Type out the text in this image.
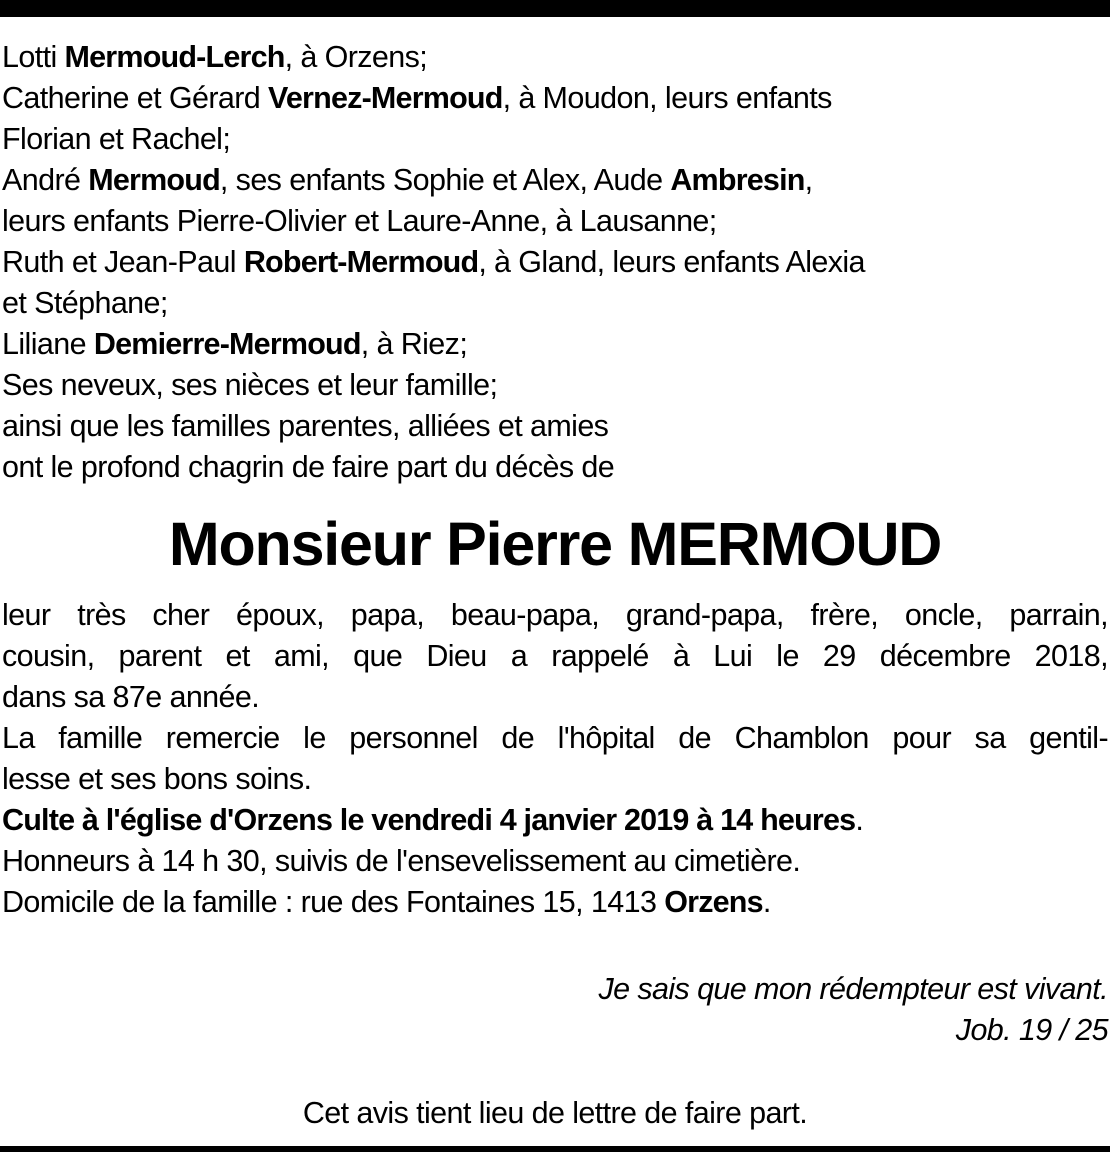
Lotti Mermoud-Lerch, à Orzens;
Catherine et Gérard Vernez-Mermoud, à Moudon, leurs enfants
Florian et Rachel;
André Mermoud, ses enfants Sophie et Alex, Aude Ambresin,
leurs enfants Pierre-Olivier et Laure-Anne, à Lausanne;
Ruth et Jean-Paul Robert-Mermoud, à Gland, leurs enfants Alexia
et Stéphane;
Liliane Demierre-Mermoud, à Riez;
Ses neveux, ses nièces et leur famille;
ainsi que les familles parentes, alliées et amies
ont le profond chagrin de faire part du décès de
Monsieur Pierre MERMOUD
leur très cher époux, papa, beau-papa, grand-papa, frère, oncle, parrain,
cousin, parent et ami, que Dieu a rappelé à Lui le 29 décembre 2018,
dans sa 87e année.
La famille remercie le personnel de l'hôpital de Chamblon pour sa gentil-
lesse et ses bons soins.
Culte à l'église d'Orzens le vendredi 4 janvier 2019 à 14 heures.
Honneurs à 14 h 30, suivis de l'ensevelissement au cimetière.
Domicile de la famille : rue des Fontaines 15, 1413 Orzens.
Je sais que mon rédempteur est vivant.
Job. 19 / 25
Cet avis tient lieu de lettre de faire part.
